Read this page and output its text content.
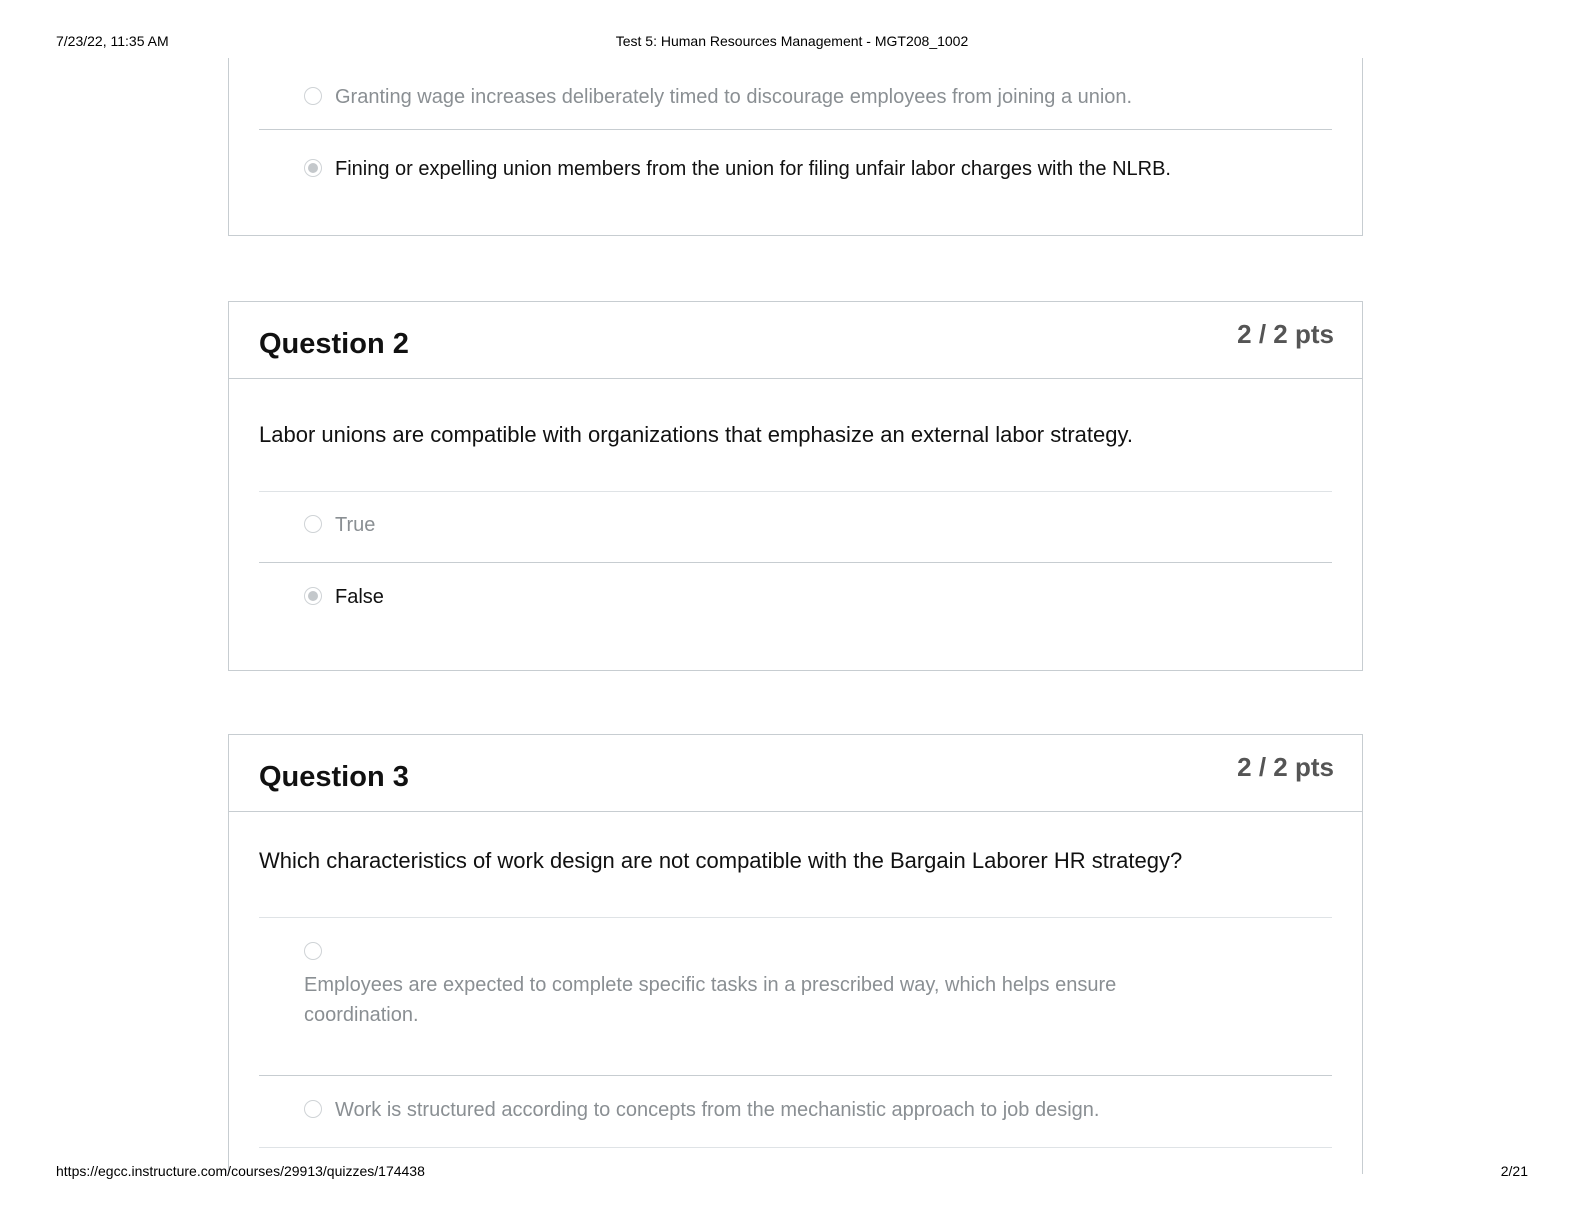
7/23/22, 11:35 AM	Test 5: Human Resources Management - MGT208_1002
Granting wage increases deliberately timed to discourage employees from joining a union.
Fining or expelling union members from the union for filing unfair labor charges with the NLRB.
Question 2	2 / 2 pts
Labor unions are compatible with organizations that emphasize an external labor strategy.
True
False
Question 3	2 / 2 pts
Which characteristics of work design are not compatible with the Bargain Laborer HR strategy?
Employees are expected to complete specific tasks in a prescribed way, which helps ensure coordination.
Work is structured according to concepts from the mechanistic approach to job design.
https://egcc.instructure.com/courses/29913/quizzes/174438	2/21
